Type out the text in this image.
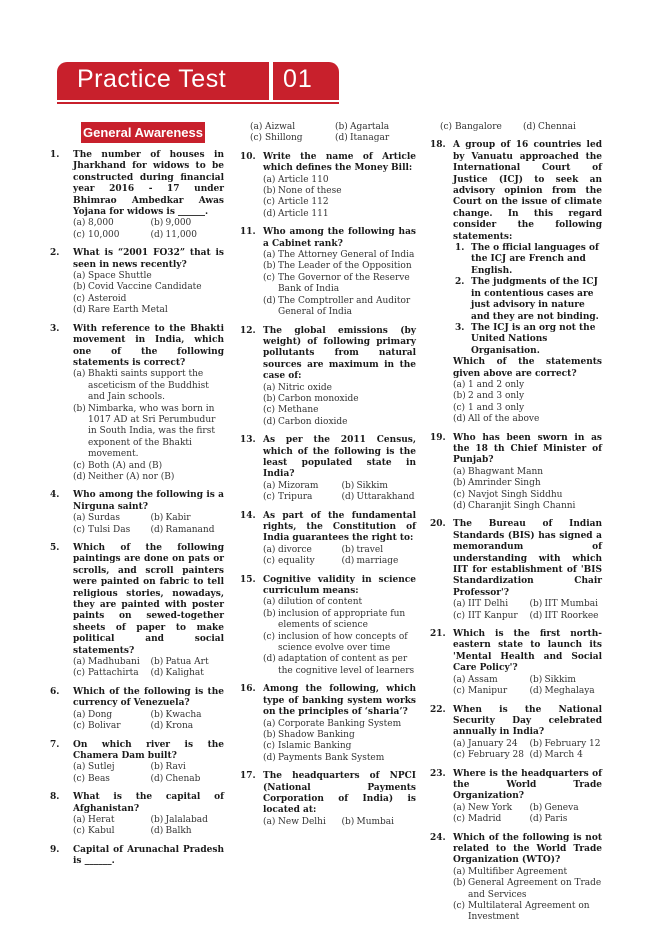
Practice Test 01
General Awareness
1. The number of houses in Jharkhand for widows to be constructed during financial year 2016 - 17 under Bhimrao Ambedkar Awas Yojana for widows is ______.
(a) 8,000	(b) 9,000
(c) 10,000	(d) 11,000
2. What is “2001 FO32” that is seen in news recently?
(a) Space Shuttle
(b) Covid Vaccine Candidate
(c) Asteroid
(d) Rare Earth Metal
3. With reference to the Bhakti movement in India, which one of the following statements is correct?
(a) Bhakti saints support the asceticism of the Buddhist and Jain schools.
(b) Nimbarka, who was born in 1017 AD at Sri Perumbudur in South India, was the first exponent of the Bhakti movement.
(c) Both (A) and (B)
(d) Neither (A) nor (B)
4. Who among the following is a Nirguna saint?
(a) Surdas	(b) Kabir
(c) Tulsi Das	(d) Ramanand
5. Which of the following paintings are done on pats or scrolls, and scroll painters were painted on fabric to tell religious stories, nowadays, they are painted with poster paints on sewed-together sheets of paper to make political and social statements?
(a) Madhubani	(b) Patua Art
(c) Pattachirta	(d) Kalighat
6. Which of the following is the currency of Venezuela?
(a) Dong	(b) Kwacha
(c) Bolivar	(d) Krona
7. On which river is the Chamera Dam built?
(a) Sutlej	(b) Ravi
(c) Beas	(d) Chenab
8. What is the capital of Afghanistan?
(a) Herat	(b) Jalalabad
(c) Kabul	(d) Balkh
9. Capital of Arunachal Pradesh is ______.
(a) Aizwal	(b) Agartala
(c) Shillong	(d) Itanagar
10. Write the name of Article which defines the Money Bill:
(a) Article 110
(b) None of these
(c) Article 112
(d) Article 111
11. Who among the following has a Cabinet rank?
(a) The Attorney General of India
(b) The Leader of the Opposition
(c) The Governor of the Reserve Bank of India
(d) The Comptroller and Auditor General of India
12. The global emissions (by weight) of following primary pollutants from natural sources are maximum in the case of:
(a) Nitric oxide
(b) Carbon monoxide
(c) Methane
(d) Carbon dioxide
13. As per the 2011 Census, which of the following is the least populated state in India?
(a) Mizoram	(b) Sikkim
(c) Tripura	(d) Uttarakhand
14. As part of the fundamental rights, the Constitution of India guarantees the right to:
(a) divorce	(b) travel
(c) equality	(d) marriage
15. Cognitive validity in science curriculum means:
(a) dilution of content
(b) inclusion of appropriate fun elements of science
(c) inclusion of how concepts of science evolve over time
(d) adaptation of content as per the cognitive level of learners
16. Among the following, which type of banking system works on the principles of ‘sharia’?
(a) Corporate Banking System
(b) Shadow Banking
(c) Islamic Banking
(d) Payments Bank System
17. The headquarters of NPCI (National Payments Corporation of India) is located at:
(a) New Delhi	(b) Mumbai
(c) Bangalore	(d) Chennai
18. A group of 16 countries led by Vanuatu approached the International Court of Justice (ICJ) to seek an advisory opinion from the Court on the issue of climate change. In this regard consider the following statements:
1. The o fficial languages of the ICJ are French and English.
2. The judgments of the ICJ in contentious cases are just advisory in nature and they are not binding.
3. The ICJ is an org not the United Nations Organisation.
Which of the statements given above are correct?
(a) 1 and 2 only
(b) 2 and 3 only
(c) 1 and 3 only
(d) All of the above
19. Who has been sworn in as the 18 th Chief Minister of Punjab?
(a) Bhagwant Mann
(b) Amrinder Singh
(c) Navjot Singh Siddhu
(d) Charanjit Singh Channi
20. The Bureau of Indian Standards (BIS) has signed a memorandum of understanding with which IIT for establishment of 'BIS Standardization Chair Professor'?
(a) IIT Delhi	(b) IIT Mumbai
(c) IIT Kanpur	(d) IIT Roorkee
21. Which is the first north-eastern state to launch its 'Mental Health and Social Care Policy'?
(a) Assam	(b) Sikkim
(c) Manipur	(d) Meghalaya
22. When is the National Security Day celebrated annually in India?
(a) January 24	(b) February 12
(c) February 28 (d) March 4
23. Where is the headquarters of the World Trade Organization?
(a) New York	(b) Geneva
(c) Madrid	(d) Paris
24. Which of the following is not related to the World Trade Organization (WTO)?
(a) Multifiber Agreement
(b) General Agreement on Trade and Services
(c) Multilateral Agreement on Investment
